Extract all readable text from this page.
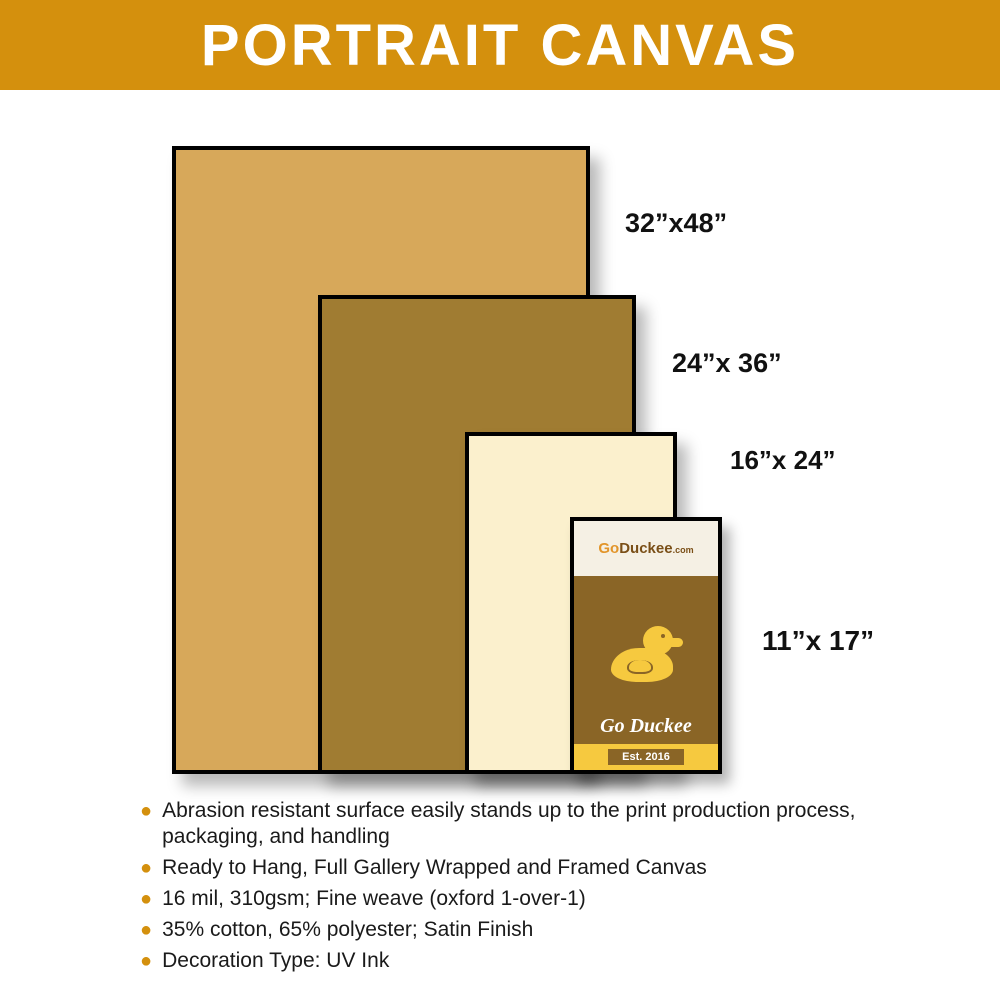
PORTRAIT CANVAS
GoDuckee.com
Go Duckee
Est. 2016
32”x48”
24”x 36”
16”x 24”
11”x 17”
● Abrasion resistant surface easily stands up to the print production process, packaging, and handling
● Ready to Hang, Full Gallery Wrapped and Framed Canvas
● 16 mil, 310gsm; Fine weave (oxford 1-over-1)
● 35% cotton, 65% polyester; Satin Finish
● Decoration Type: UV Ink
